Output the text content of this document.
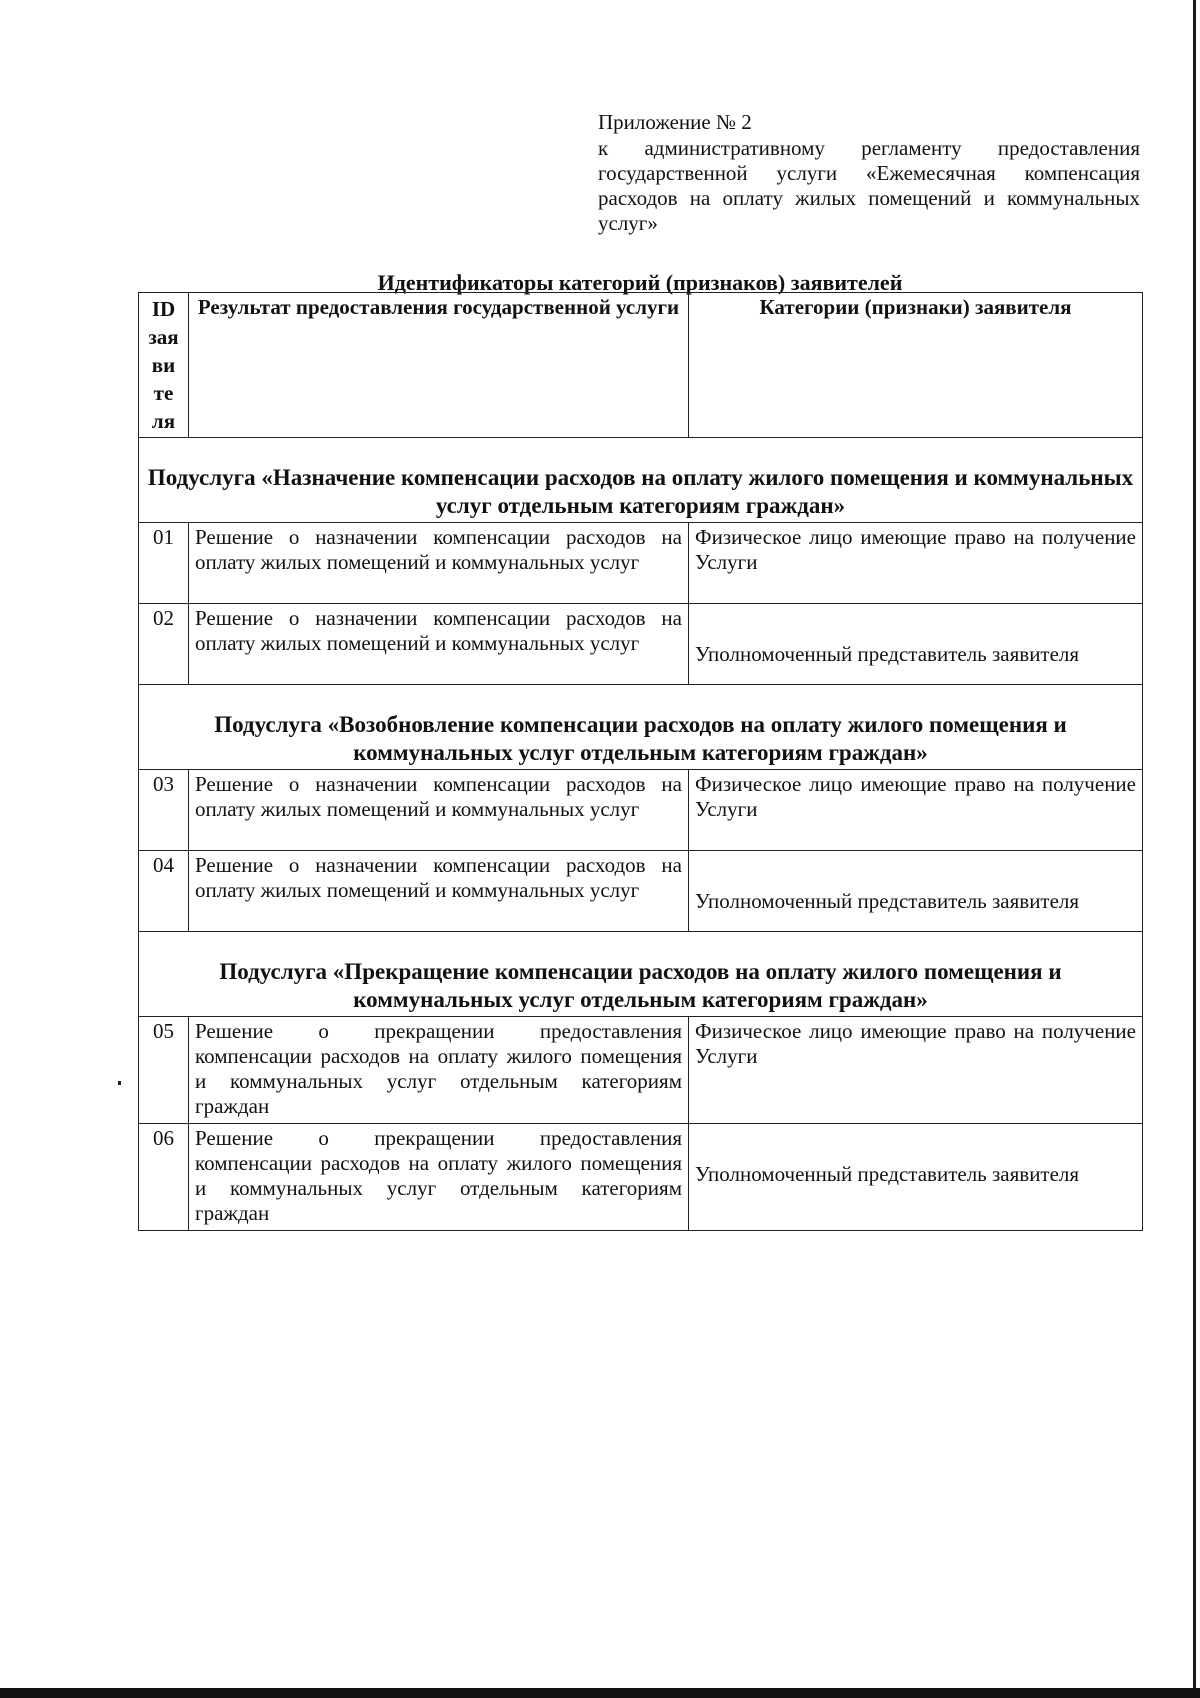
Приложение № 2
к административному регламенту предоставления государственной услуги «Ежемесячная компенсация расходов на оплату жилых помещений и коммунальных услуг»
Идентификаторы категорий (признаков) заявителей
ID зая ви те ля	Результат предоставления государственной услуги	Категории (признаки) заявителя
Подуслуга «Назначение компенсации расходов на оплату жилого помещения и коммунальных услуг отдельным категориям граждан»		
01	Решение о назначении компенсации расходов на оплату жилых помещений и коммунальных услуг	Физическое лицо имеющие право на получение Услуги
02	Решение о назначении компенсации расходов на оплату жилых помещений и коммунальных услуг	Уполномоченный представитель заявителя
Подуслуга «Возобновление компенсации расходов на оплату жилого помещения и коммунальных услуг отдельным категориям граждан»		
03	Решение о назначении компенсации расходов на оплату жилых помещений и коммунальных услуг	Физическое лицо имеющие право на получение Услуги
04	Решение о назначении компенсации расходов на оплату жилых помещений и коммунальных услуг	Уполномоченный представитель заявителя
Подуслуга «Прекращение компенсации расходов на оплату жилого помещения и коммунальных услуг отдельным категориям граждан»		
05	Решение о прекращении предоставления компенсации расходов на оплату жилого помещения и коммунальных услуг отдельным категориям граждан	Физическое лицо имеющие право на получение Услуги
06	Решение о прекращении предоставления компенсации расходов на оплату жилого помещения и коммунальных услуг отдельным категориям граждан	Уполномоченный представитель заявителя
